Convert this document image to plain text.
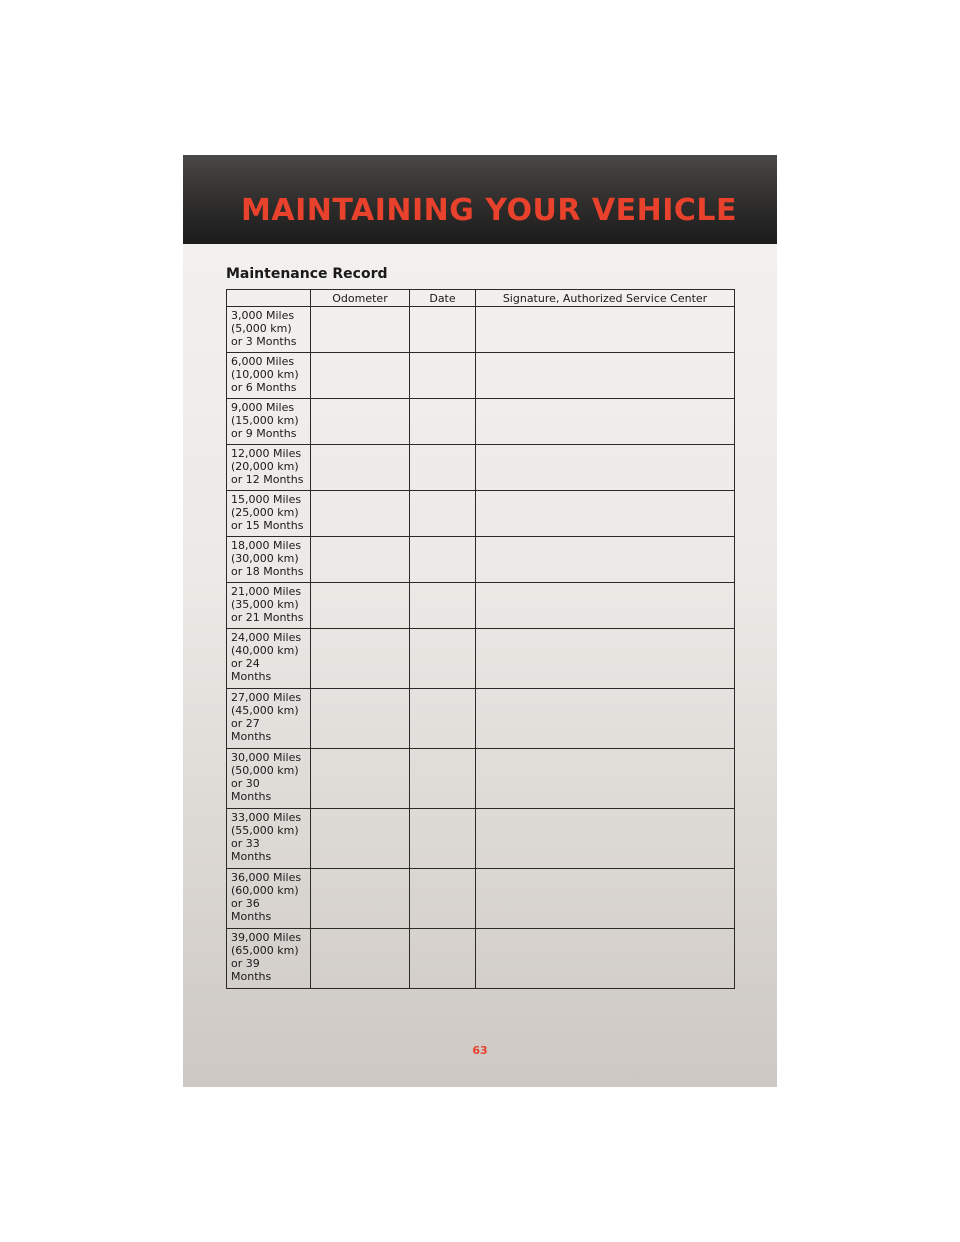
MAINTAINING YOUR VEHICLE
Maintenance Record
	Odometer	Date	Signature, Authorized Service Center

3,000 Miles
(5,000 km)
or 3 Months			

6,000 Miles
(10,000 km)
or 6 Months			

9,000 Miles
(15,000 km)
or 9 Months			

12,000 Miles
(20,000 km)
or 12 Months			

15,000 Miles
(25,000 km)
or 15 Months			

18,000 Miles
(30,000 km)
or 18 Months			

21,000 Miles
(35,000 km)
or 21 Months			

24,000 Miles
(40,000 km)
or 24
Months			

27,000 Miles
(45,000 km)
or 27
Months			

30,000 Miles
(50,000 km)
or 30
Months			

33,000 Miles
(55,000 km)
or 33
Months			

36,000 Miles
(60,000 km)
or 36
Months			

39,000 Miles
(65,000 km)
or 39
Months			

63
